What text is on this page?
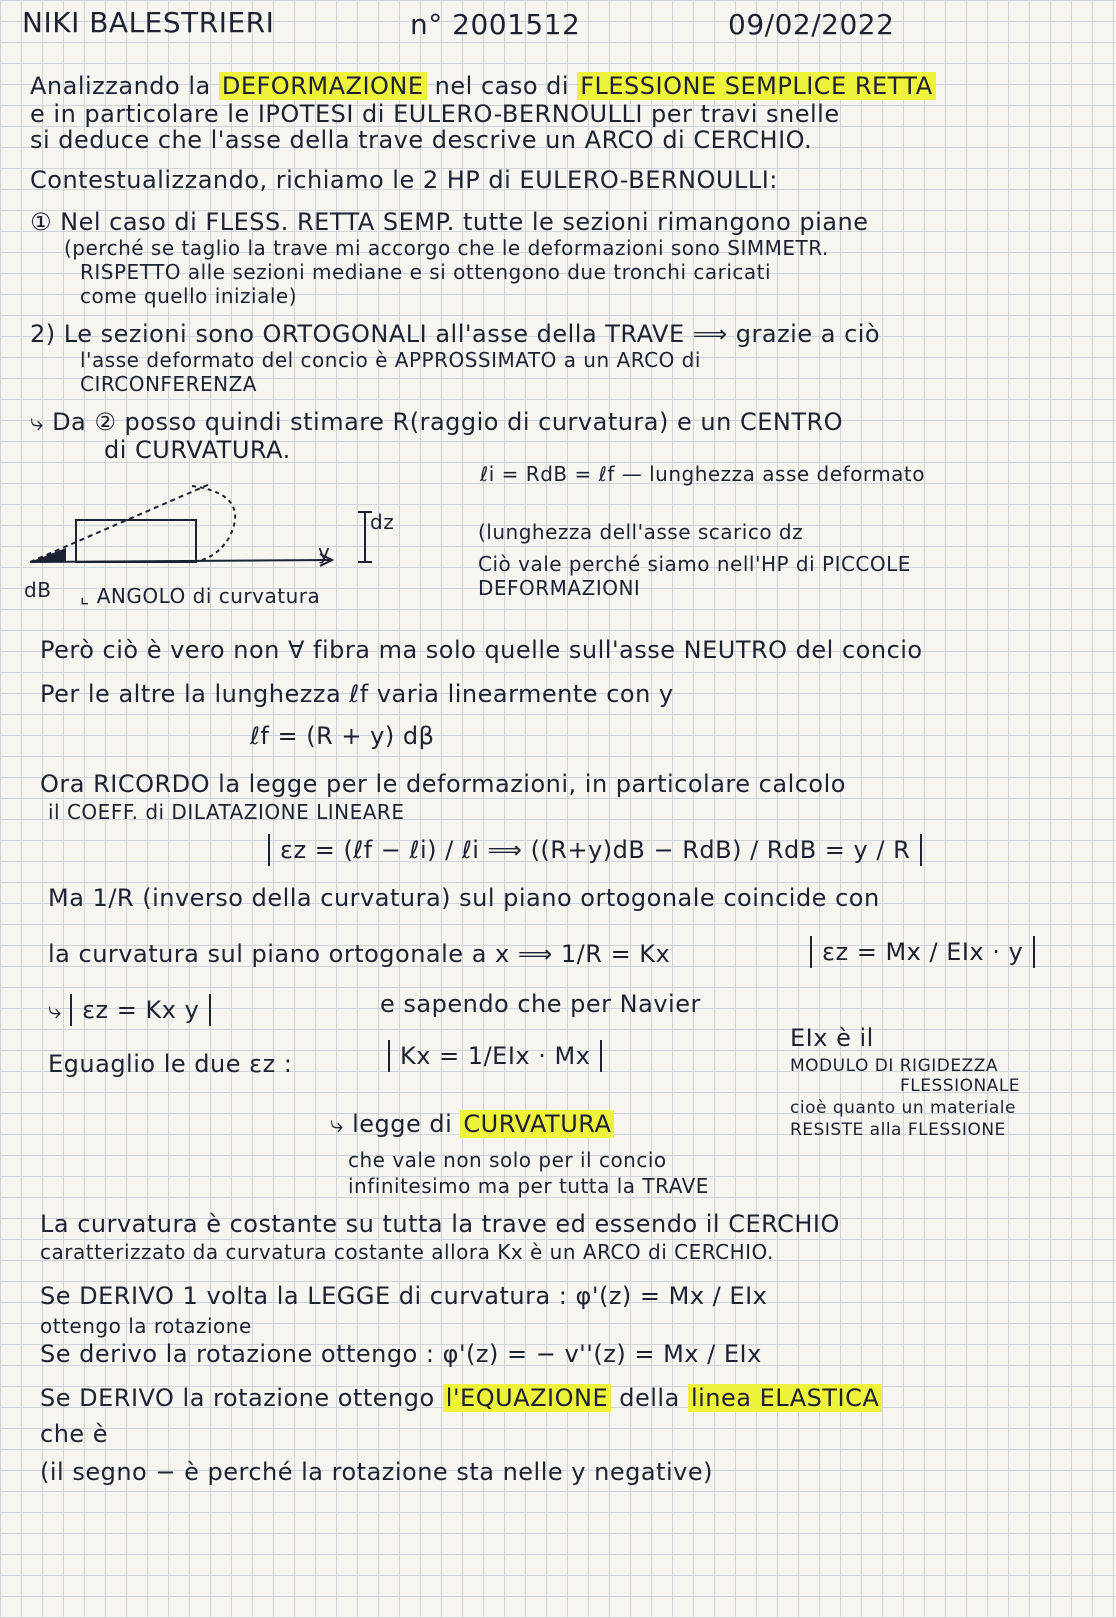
NIKI BALESTRIERI	n° 2001512	09/02/2022
Analizzando la DEFORMAZIONE nel caso di FLESSIONE SEMPLICE RETTA
e in particolare le IPOTESI di EULERO-BERNOULLI per travi snelle
si deduce che l'asse della trave descrive un ARCO di CERCHIO.
Contestualizzando, richiamo le 2 HP di EULERO-BERNOULLI:
① Nel caso di FLESS. RETTA SEMP. tutte le sezioni rimangono piane
(perché se taglio la trave mi accorgo che le deformazioni sono SIMMETR.
RISPETTO alle sezioni mediane e si ottengono due tronchi caricati
come quello iniziale)
2) Le sezioni sono ORTOGONALI all'asse della TRAVE ⟹ grazie a ciò
l'asse deformato del concio è APPROSSIMATO a un ARCO di
CIRCONFERENZA
⤷ Da ② posso quindi stimare R(raggio di curvatura) e un CENTRO
di CURVATURA.
dz
y
dB ⌞ ANGOLO di curvatura
ℓi = RdB = ℓf — lunghezza asse deformato
(lunghezza dell'asse scarico dz
Ciò vale perché siamo nell'HP di PICCOLE
DEFORMAZIONI
Però ciò è vero non ∀ fibra ma solo quelle sull'asse NEUTRO del concio
Per le altre la lunghezza ℓf varia linearmente con y
ℓf = (R + y) dβ
Ora RICORDO la legge per le deformazioni, in particolare calcolo
il COEFF. di DILATAZIONE LINEARE
εz = (ℓf − ℓi) / ℓi ⟹ ((R+y)dB − RdB) / RdB = y / R
Ma 1/R (inverso della curvatura) sul piano ortogonale coincide con
la curvatura sul piano ortogonale a x ⟹ 1/R = Kx
⤷ εz = Kx y	e sapendo che per Navier
εz = Mx / EIx · y
Eguaglio le due εz :	Kx = 1/EIx · Mx
⤷ legge di CURVATURA
che vale non solo per il concio
infinitesimo ma per tutta la TRAVE
EIx è il
MODULO DI RIGIDEZZA
FLESSIONALE
cioè quanto un materiale
RESISTE alla FLESSIONE
La curvatura è costante su tutta la trave ed essendo il CERCHIO
caratterizzato da curvatura costante allora Kx è un ARCO di CERCHIO.
Se DERIVO 1 volta la LEGGE di curvatura : φ'(z) = Mx / EIx
ottengo la rotazione
Se derivo la rotazione ottengo : φ'(z) = − v''(z) = Mx / EIx
Se DERIVO la rotazione ottengo l'EQUAZIONE della linea ELASTICA
che è
(il segno − è perché la rotazione sta nelle y negative)
